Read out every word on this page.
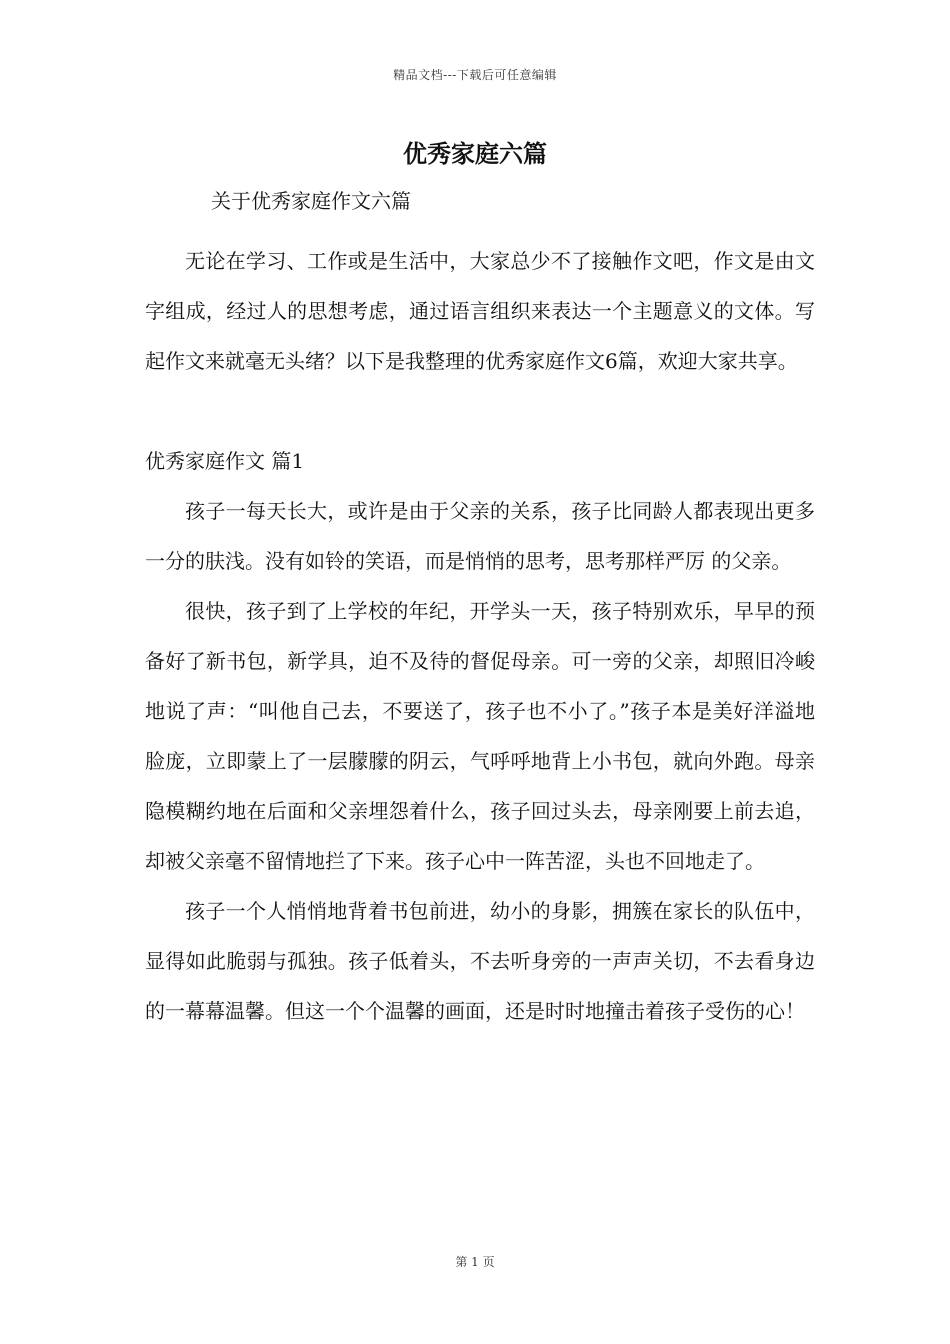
精品文档---下载后可任意编辑
优秀家庭六篇
关于优秀家庭作文六篇

无论在学习、工作或是生活中，大家总少不了接触作文吧，作文是由文字组成，经过人的思想考虑，通过语言组织来表达一个主题意义的文体。写起作文来就毫无头绪？以下是我整理的优秀家庭作文6篇，欢迎大家共享。

优秀家庭作文 篇1

孩子一每天长大，或许是由于父亲的关系，孩子比同龄人都表现出更多一分的肤浅。没有如铃的笑语，而是悄悄的思考，思考那样严厉 的父亲。

很快，孩子到了上学校的年纪，开学头一天，孩子特别欢乐，早早的预备好了新书包，新学具，迫不及待的督促母亲。可一旁的父亲，却照旧冷峻地说了声：“叫他自己去，不要送了，孩子也不小了。”孩子本是美好洋溢地脸庞，立即蒙上了一层朦朦的阴云，气呼呼地背上小书包，就向外跑。母亲隐模糊约地在后面和父亲埋怨着什么，孩子回过头去，母亲刚要上前去追，却被父亲毫不留情地拦了下来。孩子心中一阵苦涩，头也不回地走了。

孩子一个人悄悄地背着书包前进，幼小的身影，拥簇在家长的队伍中，显得如此脆弱与孤独。孩子低着头，不去听身旁的一声声关切，不去看身边的一幕幕温馨。但这一个个温馨的画面，还是时时地撞击着孩子受伤的心！

第 1 页
